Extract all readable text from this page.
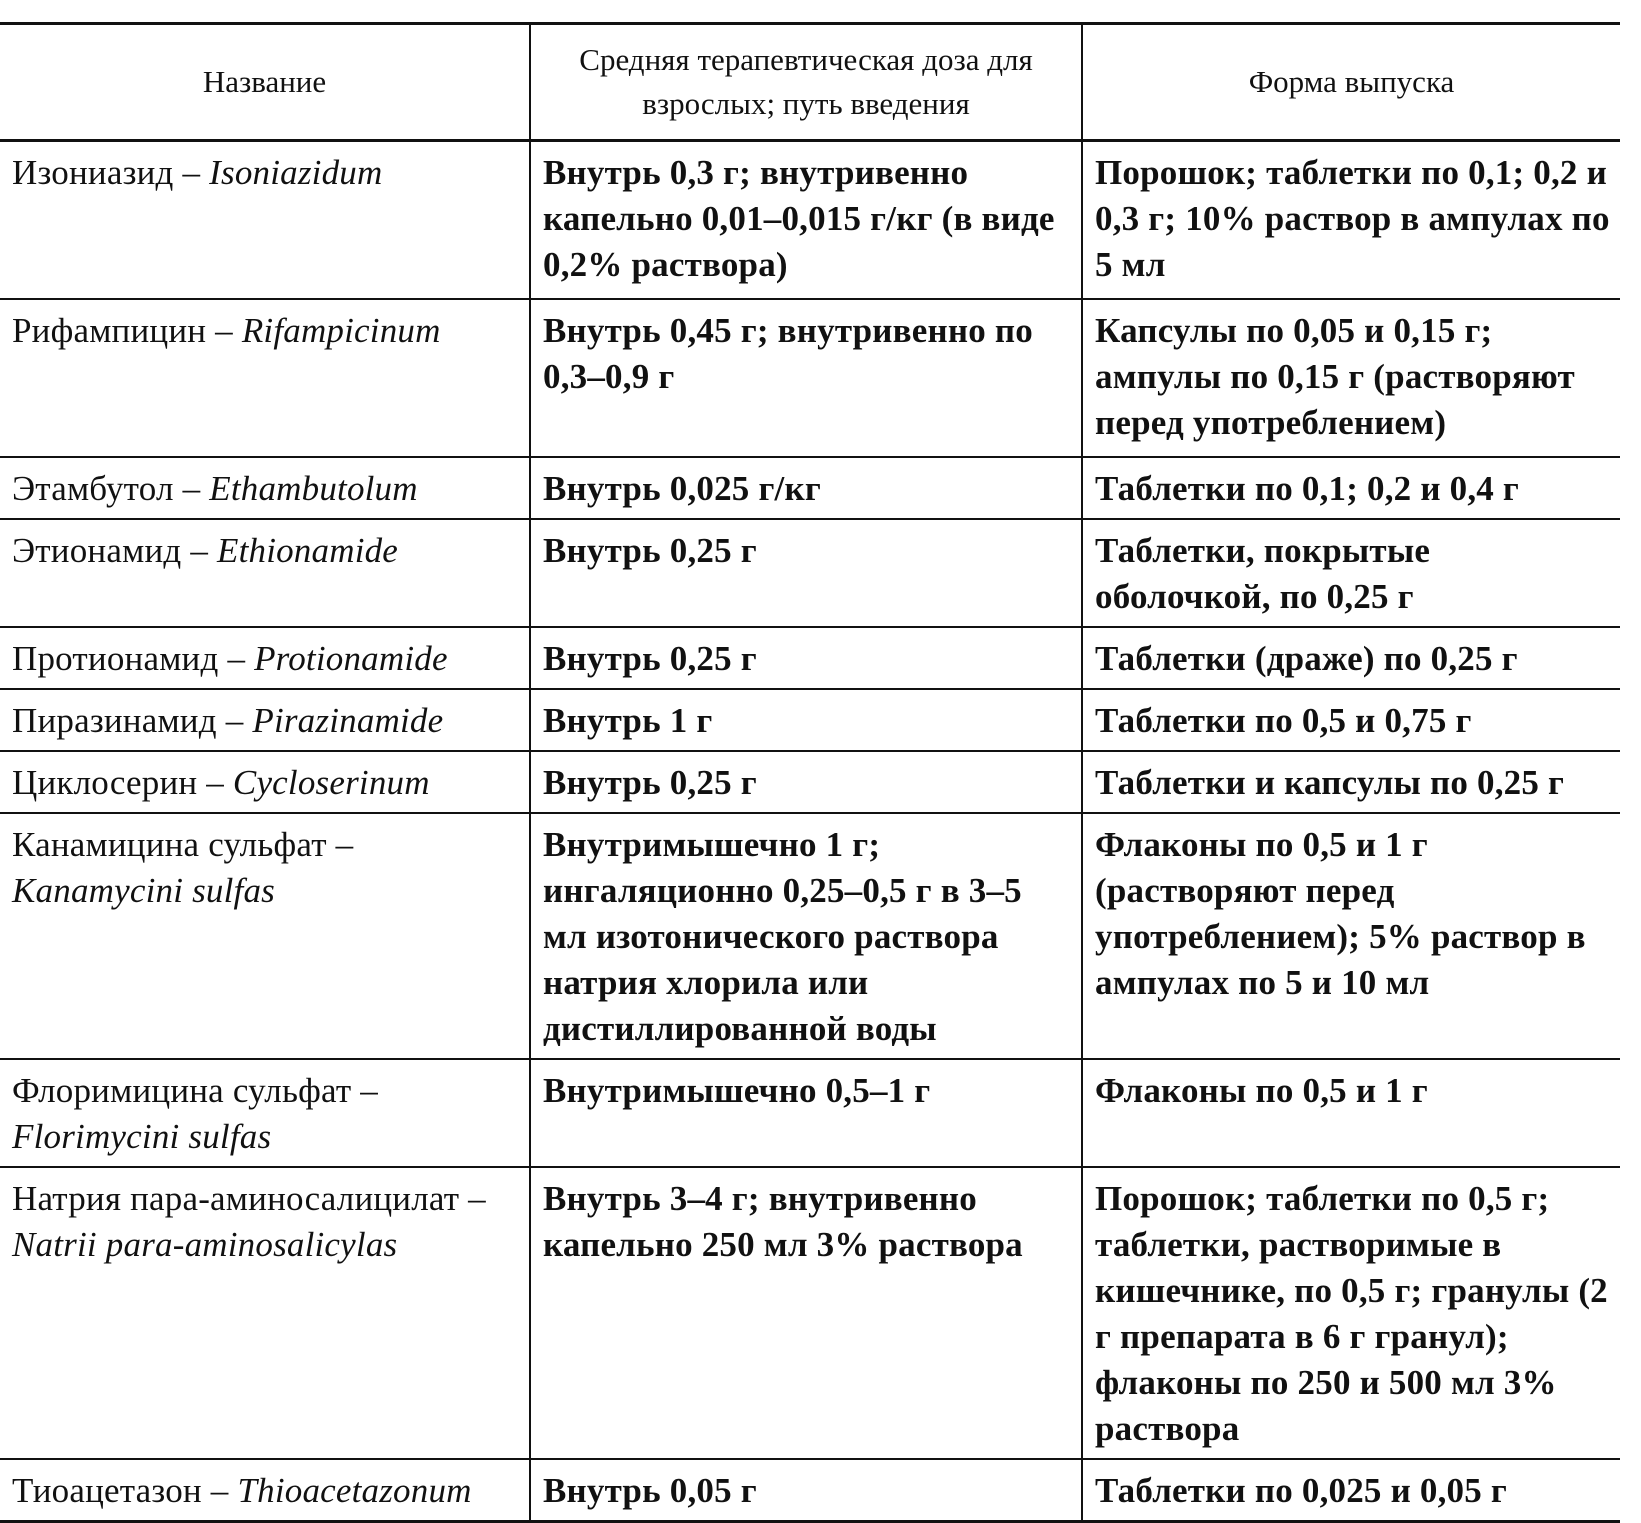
Название	Средняя терапевтическая доза для взрослых; путь введения	Форма выпуска
Изониазид – Isoniazidum	Внутрь 0,3 г; внутривенно капельно 0,01–0,015 г/кг (в виде 0,2% раствора)	Порошок; таблетки по 0,1; 0,2 и 0,3 г; 10% раствор в ампулах по 5 мл
Рифампицин – Rifampicinum	Внутрь 0,45 г; внутривенно по 0,3–0,9 г	Капсулы по 0,05 и 0,15 г; ампулы по 0,15 г (растворяют перед употреблением)
Этамбутол – Ethambutolum	Внутрь 0,025 г/кг	Таблетки по 0,1; 0,2 и 0,4 г
Этионамид – Ethionamide	Внутрь 0,25 г	Таблетки, покрытые оболочкой, по 0,25 г
Протионамид – Protionamide	Внутрь 0,25 г	Таблетки (драже) по 0,25 г
Пиразинамид – Pirazinamide	Внутрь 1 г	Таблетки по 0,5 и 0,75 г
Циклосерин – Cycloserinum	Внутрь 0,25 г	Таблетки и капсулы по 0,25 г
Канамицина сульфат – Kanamycini sulfas	Внутримышечно 1 г; ингаляционно 0,25–0,5 г в 3–5 мл изотонического раствора натрия хлорила или дистиллированной воды	Флаконы по 0,5 и 1 г (растворяют перед употреблением); 5% раствор в ампулах по 5 и 10 мл
Флоримицина сульфат – Florimycini sulfas	Внутримышечно 0,5–1 г	Флаконы по 0,5 и 1 г
Натрия пара-аминосалицилат – Natrii para-aminosalicylas	Внутрь 3–4 г; внутривенно капельно 250 мл 3% раствора	Порошок; таблетки по 0,5 г; таблетки, растворимые в кишечнике, по 0,5 г; гранулы (2 г препарата в 6 г гранул); флаконы по 250 и 500 мл 3% раствора
Тиоацетазон – Thioacetazonum	Внутрь 0,05 г	Таблетки по 0,025 и 0,05 г
